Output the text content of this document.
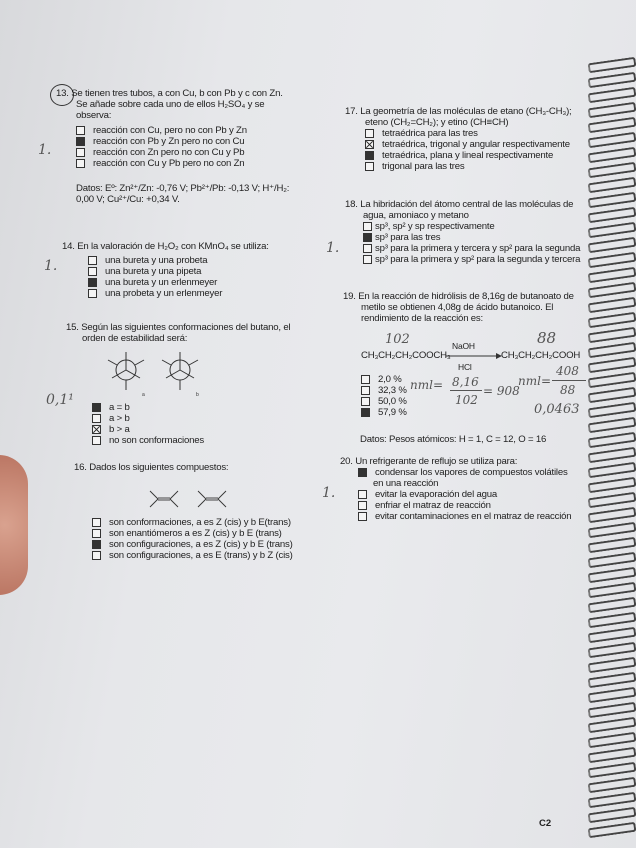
13. Se tienen tres tubos, a con Cu, b con Pb y c con Zn.
Se añade sobre cada uno de ellos H₂SO₄ y se
observa:
reacción con Cu, pero no con Pb y Zn
reacción con Pb y Zn pero no con Cu
reacción con Zn pero no con Cu y Pb
reacción con Cu y Pb pero no con Zn
Datos: Eº: Zn²⁺/Zn: -0,76 V; Pb²⁺/Pb: -0,13 V; H⁺/H₂:
0,00 V; Cu²⁺/Cu: +0,34 V.
1.
14. En la valoración de H₂O₂ con KMnO₄ se utiliza:
una bureta y una probeta
una bureta y una pipeta
una bureta y un erlenmeyer
una probeta y un erlenmeyer
1.
15. Según las siguientes conformaciones del butano, el
orden de estabilidad será:
a	b
a = b
a > b
b > a
no son conformaciones
0,1¹
16. Dados los siguientes compuestos:
son conformaciones, a es Z (cis) y b E(trans)
son enantiómeros a es Z (cis) y b E (trans)
son configuraciones, a es Z (cis) y b E (trans)
son configuraciones, a es E (trans) y b Z (cis)
17. La geometría de las moléculas de etano (CH₃-CH₃);
eteno (CH₂=CH₂); y etino (CH≡CH)
tetraédrica para las tres
tetraédrica, trigonal y angular respectivamente
tetraédrica, plana y lineal respectivamente
trigonal para las tres
18. La hibridación del átomo central de las moléculas de
agua, amoniaco y metano
sp³, sp² y sp respectivamente
sp³ para las tres
sp³ para la primera y tercera y sp² para la segunda
sp³ para la primera y sp² para la segunda y tercera
1.
19. En la reacción de hidrólisis de 8,16g de butanoato de
metilo se obtienen 4,08g de ácido butanoico. El
rendimiento de la reacción es:
CH₃CH₂CH₂COOCH₃
NaOH
HCl
CH₃CH₂CH₂COOH
2,0 %
32,3 %
50,0 %
57,9 %
Datos: Pesos atómicos: H = 1, C = 12, O = 16
102	88
nml= 8,16
102
= 908
nml=
408
88
0,0463
20. Un refrigerante de reflujo se utiliza para:
condensar los vapores de compuestos volátiles
en una reacción
evitar la evaporación del agua
enfriar el matraz de reacción
evitar contaminaciones en el matraz de reacción
1.
C2
